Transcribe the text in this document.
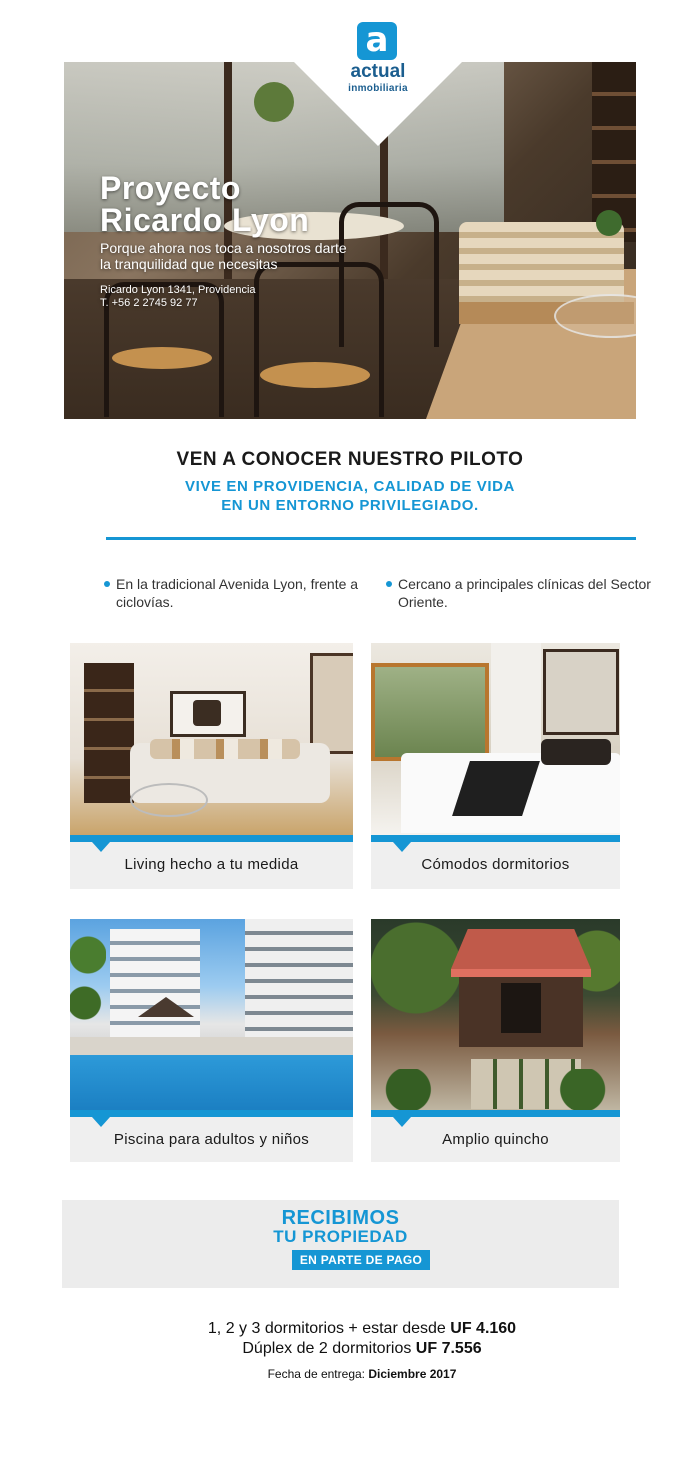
Proyecto
Ricardo Lyon
Porque ahora nos toca a nosotros darte la tranquilidad que necesitas
Ricardo Lyon 1341, Providencia
T. +56 2 2745 92 77
a
actual
inmobiliaria
VEN A CONOCER NUESTRO PILOTO
VIVE EN PROVIDENCIA, CALIDAD DE VIDA
EN UN ENTORNO PRIVILEGIADO.
En la tradicional Avenida Lyon, frente a ciclovías.
Cercano a principales clínicas del Sector Oriente.
Living hecho a tu medida	Cómodos dormitorios
Piscina para adultos y niños	Amplio quincho
RECIBIMOS
TU PROPIEDAD
EN PARTE DE PAGO
1, 2 y 3 dormitorios + estar desde UF 4.160
Dúplex de 2 dormitorios UF 7.556
Fecha de entrega: Diciembre 2017
